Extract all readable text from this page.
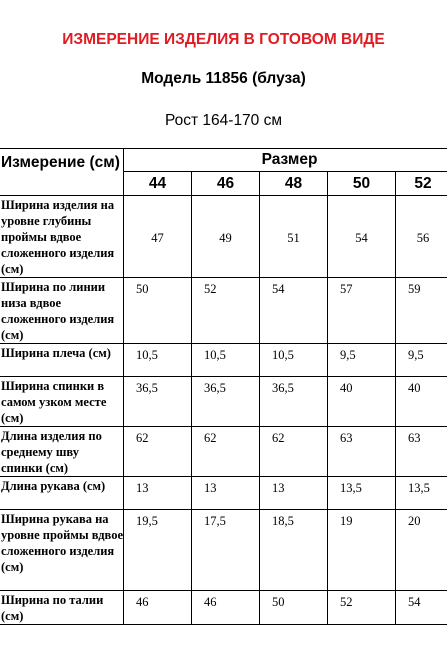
ИЗМЕРЕНИЕ ИЗДЕЛИЯ В ГОТОВОМ ВИДЕ
Модель 11856 (блуза)
Рост 164-170 см
Измерение (см)	Размер					
	44	46	48	50	52	
Ширина изделия на уровне глубины проймы вдвое сложенного изделия (см)	47	49	51	54	56	
Ширина по линии низа вдвое сложенного изделия (см)	50	52	54	57	59	
Ширина плеча (см)	10,5	10,5	10,5	9,5	9,5	
Ширина спинки в самом узком месте (см)	36,5	36,5	36,5	40	40	
Длина изделия по среднему шву спинки (см)	62	62	62	63	63	
Длина рукава (см)	13	13	13	13,5	13,5	
Ширина рукава на уровне проймы вдвое сложенного изделия (см)	19,5	17,5	18,5	19	20	
Ширина по талии (см)	46	46	50	52	54	
